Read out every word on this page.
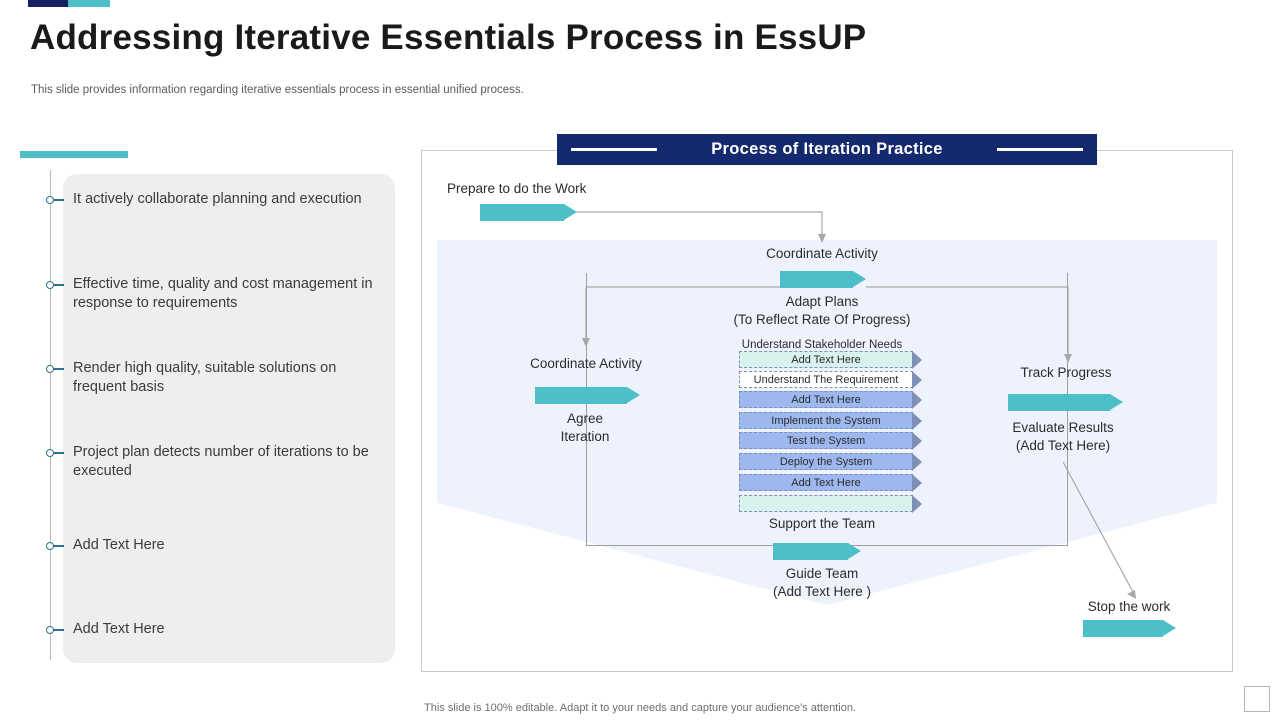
Addressing Iterative Essentials Process in EssUP
This slide provides information regarding iterative essentials process in essential unified process.
It actively collaborate planning and execution
Effective time, quality and cost management in response to requirements
Render high quality, suitable solutions on frequent basis
Project plan detects number of iterations to be executed
Add Text Here
Add Text Here
Process of Iteration Practice
Prepare to do the Work
Coordinate Activity
Adapt Plans
(To Reflect Rate Of Progress)
Understand Stakeholder Needs
Add Text Here
Understand The Requirement
Add Text Here
Implement the System
Test the System
Deploy the System
Add Text Here
Coordinate Activity
Agree
Iteration
Track Progress
Evaluate Results
(Add Text Here)
Support the Team
Guide Team
(Add Text Here )
Stop the work
This slide is 100% editable. Adapt it to your needs and capture your audience's attention.
